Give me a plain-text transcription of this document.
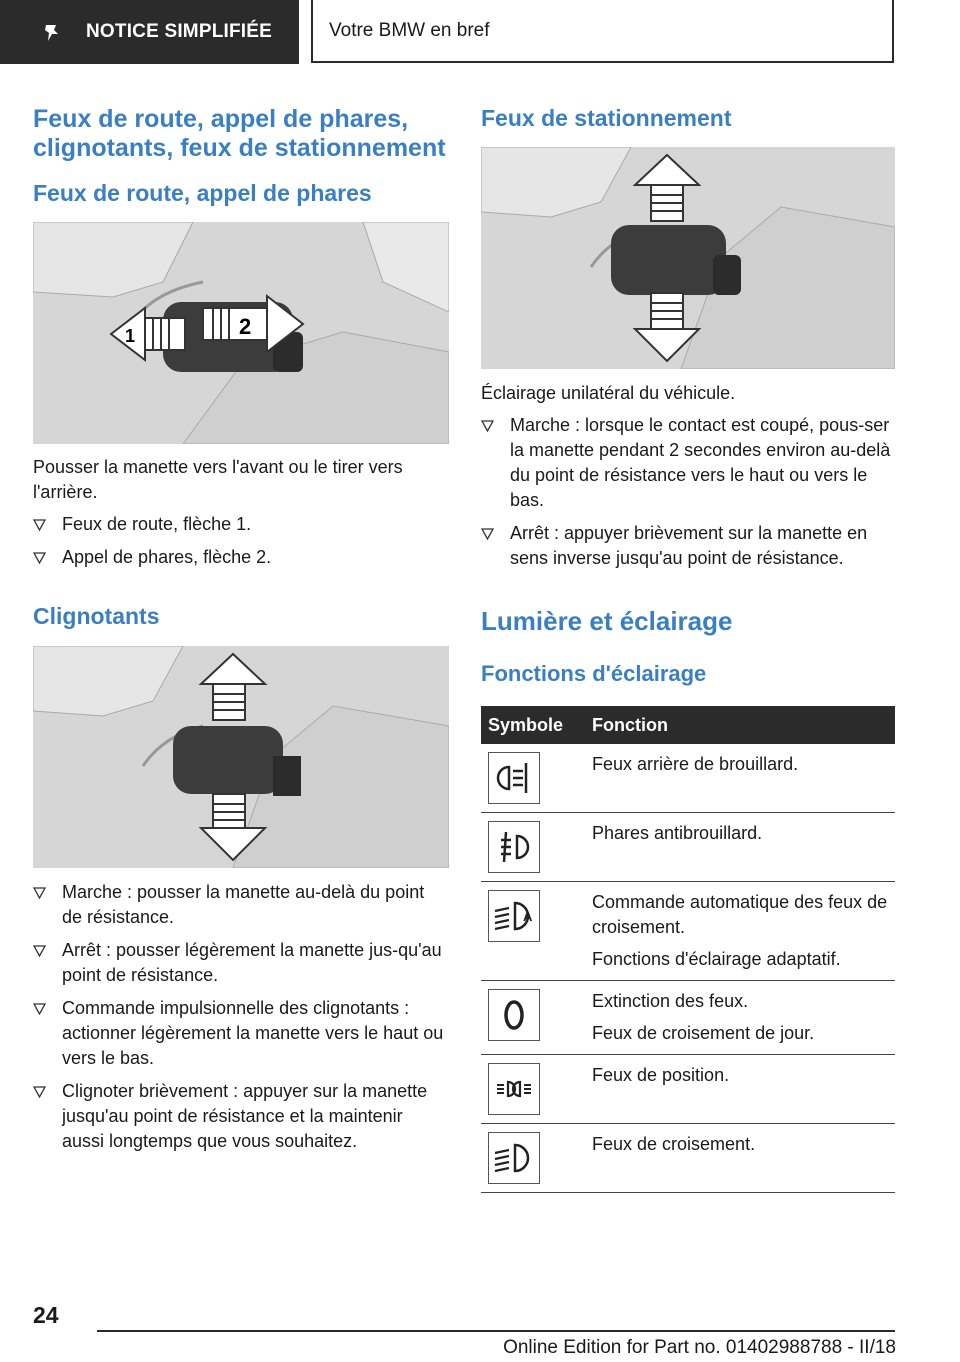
NOTICE SIMPLIFIÉE	Votre BMW en bref
Feux de route, appel de phares, clignotants, feux de stationnement
Feux de route, appel de phares
1	2

Pousser la manette vers l'avant ou le tirer vers l'arrière.

Feux de route, flèche 1.
Appel de phares, flèche 2.
Clignotants
Marche : pousser la manette au-delà du point de résistance.
Arrêt : pousser légèrement la manette jus-qu'au point de résistance.
Commande impulsionnelle des clignotants : actionner légèrement la manette vers le haut ou vers le bas.
Clignoter brièvement : appuyer sur la manette jusqu'au point de résistance et la maintenir aussi longtemps que vous souhaitez.
Feux de stationnement

Éclairage unilatéral du véhicule.

Marche : lorsque le contact est coupé, pous-ser la manette pendant 2 secondes environ au-delà du point de résistance vers le haut ou vers le bas.
Arrêt : appuyer brièvement sur la manette en sens inverse jusqu'au point de résistance.
Lumière et éclairage
Fonctions d'éclairage
Symbole	Fonction

Feux arrière de brouillard.

Phares antibrouillard.

A	Commande automatique des feux de croisement.
Fonctions d'éclairage adaptatif.

Extinction des feux.
Feux de croisement de jour.

Feux de position.

Feux de croisement.
24
Online Edition for Part no. 01402988788 - II/18
